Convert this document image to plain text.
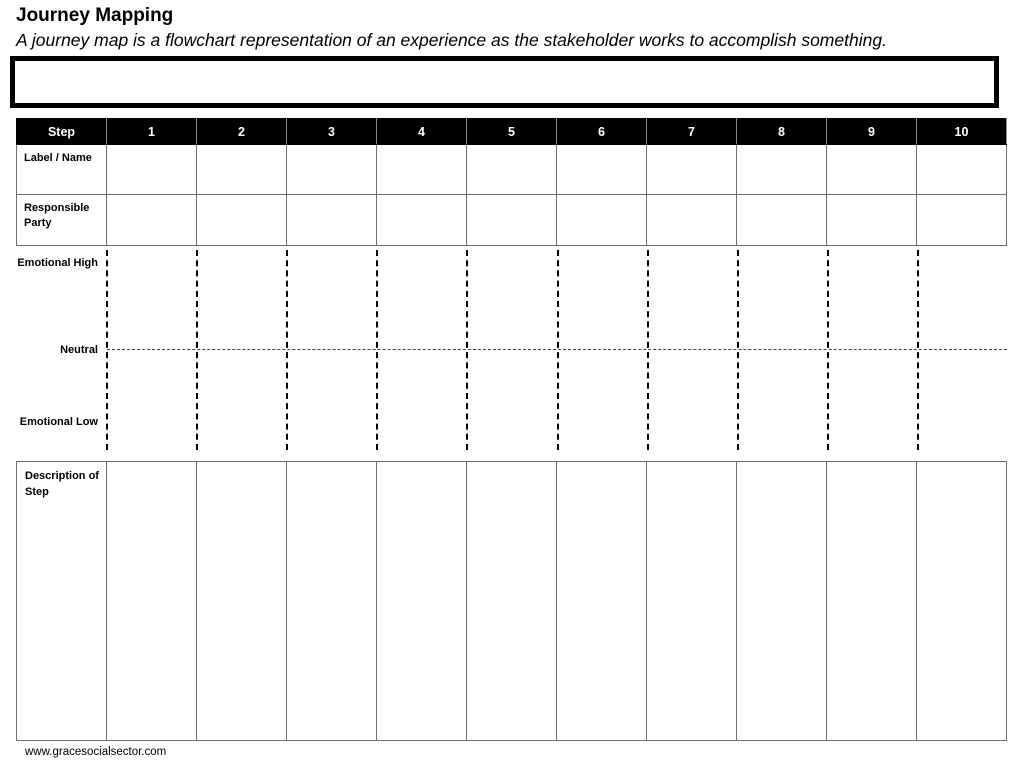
Journey Mapping
A journey map is a flowchart representation of an experience as the stakeholder works to accomplish something.
Step	1	2	3	4	5	6	7	8	9	10
Label / Name										
Responsible Party										
Emotional High
Neutral
Emotional Low
Description of Step										
www.gracesocialsector.com
